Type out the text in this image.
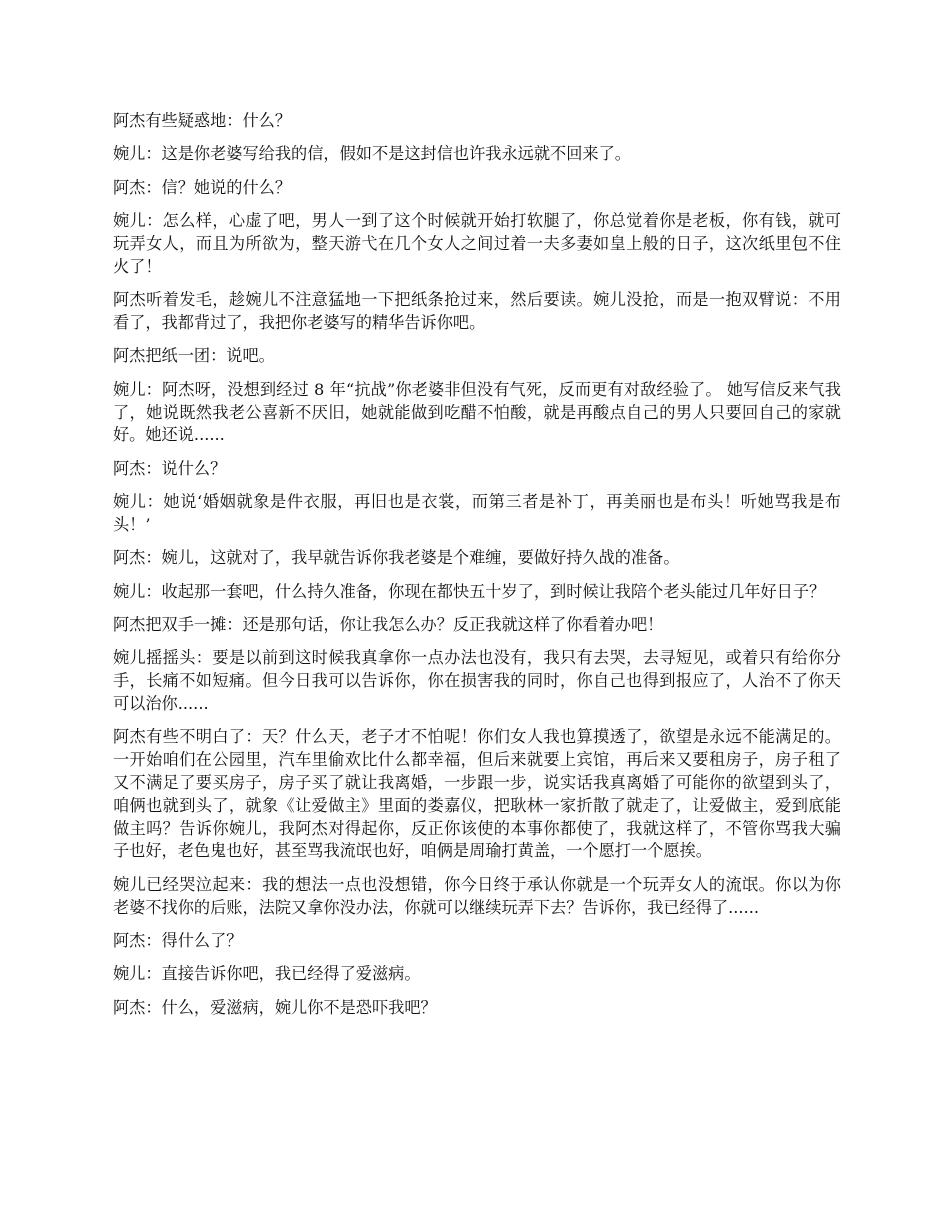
阿杰有些疑惑地：什么？

婉儿：这是你老婆写给我的信，假如不是这封信也许我永远就不回来了。

阿杰：信？她说的什么？

婉儿：怎么样，心虚了吧，男人一到了这个时候就开始打软腿了，你总觉着你是老板，你有钱，就可玩弄女人，而且为所欲为，整天游弋在几个女人之间过着一夫多妻如皇上般的日子，这次纸里包不住火了！

阿杰听着发毛，趁婉儿不注意猛地一下把纸条抢过来，然后要读。婉儿没抢，而是一抱双臂说：不用看了，我都背过了，我把你老婆写的精华告诉你吧。

阿杰把纸一团：说吧。

婉儿：阿杰呀，没想到经过 8 年“抗战”你老婆非但没有气死，反而更有对敌经验了。 她写信反来气我了，她说既然我老公喜新不厌旧，她就能做到吃醋不怕酸，就是再酸点自己的男人只要回自己的家就好。她还说......

阿杰：说什么？

婉儿：她说‘婚姻就象是件衣服，再旧也是衣裳，而第三者是补丁，再美丽也是布头！听她骂我是布头！’

阿杰：婉儿，这就对了，我早就告诉你我老婆是个难缠，要做好持久战的准备。

婉儿：收起那一套吧，什么持久准备，你现在都快五十岁了，到时候让我陪个老头能过几年好日子？

阿杰把双手一摊：还是那句话，你让我怎么办？反正我就这样了你看着办吧！

婉儿摇摇头：要是以前到这时候我真拿你一点办法也没有，我只有去哭，去寻短见，或着只有给你分手，长痛不如短痛。但今日我可以告诉你，你在损害我的同时，你自己也得到报应了，人治不了你天可以治你......

阿杰有些不明白了：天？什么天，老子才不怕呢！你们女人我也算摸透了，欲望是永远不能满足的。一开始咱们在公园里，汽车里偷欢比什么都幸福，但后来就要上宾馆，再后来又要租房子，房子租了又不满足了要买房子，房子买了就让我离婚，一步跟一步，说实话我真离婚了可能你的欲望到头了，咱俩也就到头了，就象《让爱做主》里面的娄嘉仪，把耿林一家折散了就走了，让爱做主，爱到底能做主吗？告诉你婉儿，我阿杰对得起你，反正你该使的本事你都使了，我就这样了，不管你骂我大骗子也好，老色鬼也好，甚至骂我流氓也好，咱俩是周瑜打黄盖，一个愿打一个愿挨。

婉儿已经哭泣起来：我的想法一点也没想错，你今日终于承认你就是一个玩弄女人的流氓。你以为你老婆不找你的后账，法院又拿你没办法，你就可以继续玩弄下去？告诉你，我已经得了......

阿杰：得什么了？

婉儿：直接告诉你吧，我已经得了爱滋病。

阿杰：什么，爱滋病，婉儿你不是恐吓我吧？
